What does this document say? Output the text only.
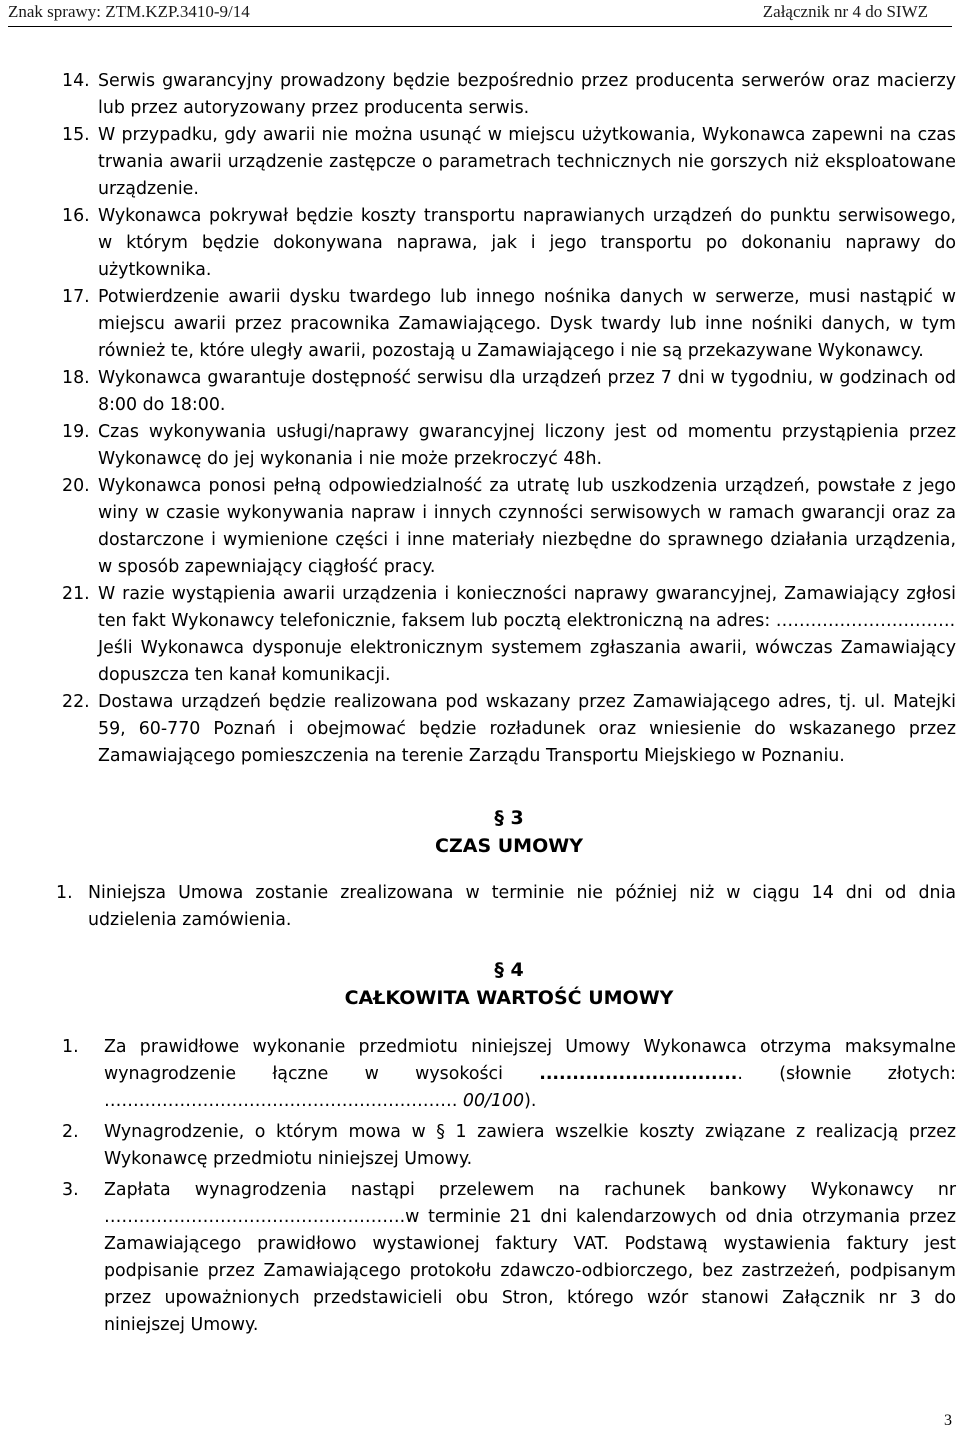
Znak sprawy: ZTM.KZP.3410-9/14	Załącznik nr 4 do SIWZ
14. Serwis gwarancyjny prowadzony będzie bezpośrednio przez producenta serwerów oraz macierzy lub przez autoryzowany przez producenta serwis.

15. W przypadku, gdy awarii nie można usunąć w miejscu użytkowania, Wykonawca zapewni na czas trwania awarii urządzenie zastępcze o parametrach technicznych nie gorszych niż eksploatowane urządzenie.

16. Wykonawca pokrywał będzie koszty transportu naprawianych urządzeń do punktu serwisowego, w którym będzie dokonywana naprawa, jak i jego transportu po dokonaniu naprawy do użytkownika.

17. Potwierdzenie awarii dysku twardego lub innego nośnika danych w serwerze, musi nastąpić w miejscu awarii przez pracownika Zamawiającego. Dysk twardy lub inne nośniki danych, w tym również te, które uległy awarii, pozostają u Zamawiającego i nie są przekazywane Wykonawcy.

18. Wykonawca gwarantuje dostępność serwisu dla urządzeń przez 7 dni w tygodniu, w godzinach od 8:00 do 18:00.

19. Czas wykonywania usługi/naprawy gwarancyjnej liczony jest od momentu przystąpienia przez Wykonawcę do jej wykonania i nie może przekroczyć 48h.

20. Wykonawca ponosi pełną odpowiedzialność za utratę lub uszkodzenia urządzeń, powstałe z jego winy w czasie wykonywania napraw i innych czynności serwisowych w ramach gwarancji oraz za dostarczone i wymienione części i inne materiały niezbędne do sprawnego działania urządzenia, w sposób zapewniający ciągłość pracy.

21. W razie wystąpienia awarii urządzenia i konieczności naprawy gwarancyjnej, Zamawiający zgłosi ten fakt Wykonawcy telefonicznie, faksem lub pocztą elektroniczną na adres: ………………………….

Jeśli Wykonawca dysponuje elektronicznym systemem zgłaszania awarii, wówczas Zamawiający dopuszcza ten kanał komunikacji.

22. Dostawa urządzeń będzie realizowana pod wskazany przez Zamawiającego adres, tj. ul. Matejki 59, 60-770 Poznań i obejmować będzie rozładunek oraz wniesienie do wskazanego przez Zamawiającego pomieszczenia na terenie Zarządu Transportu Miejskiego w Poznaniu.

§ 3
CZAS UMOWY
1. Niniejsza Umowa zostanie zrealizowana w terminie nie później niż w ciągu 14 dni od dnia udzielenia zamówienia.

§ 4
CAŁKOWITA WARTOŚĆ UMOWY
1. Za prawidłowe wykonanie przedmiotu niniejszej Umowy Wykonawca otrzyma maksymalne wynagrodzenie łączne w wysokości ............................... (słownie złotych: ……………………………………………………. 00/100).

2. Wynagrodzenie, o którym mowa w § 1 zawiera wszelkie koszty związane z realizacją przez Wykonawcę przedmiotu niniejszej Umowy.

3. Zapłata wynagrodzenia nastąpi przelewem na rachunek bankowy Wykonawcy nr …………………………………………….w terminie 21 dni kalendarzowych od dnia otrzymania przez Zamawiającego prawidłowo wystawionej faktury VAT. Podstawą wystawienia faktury jest podpisanie przez Zamawiającego protokołu zdawczo-odbiorczego, bez zastrzeżeń, podpisanym przez upoważnionych przedstawicieli obu Stron, którego wzór stanowi Załącznik nr 3 do niniejszej Umowy.

3
